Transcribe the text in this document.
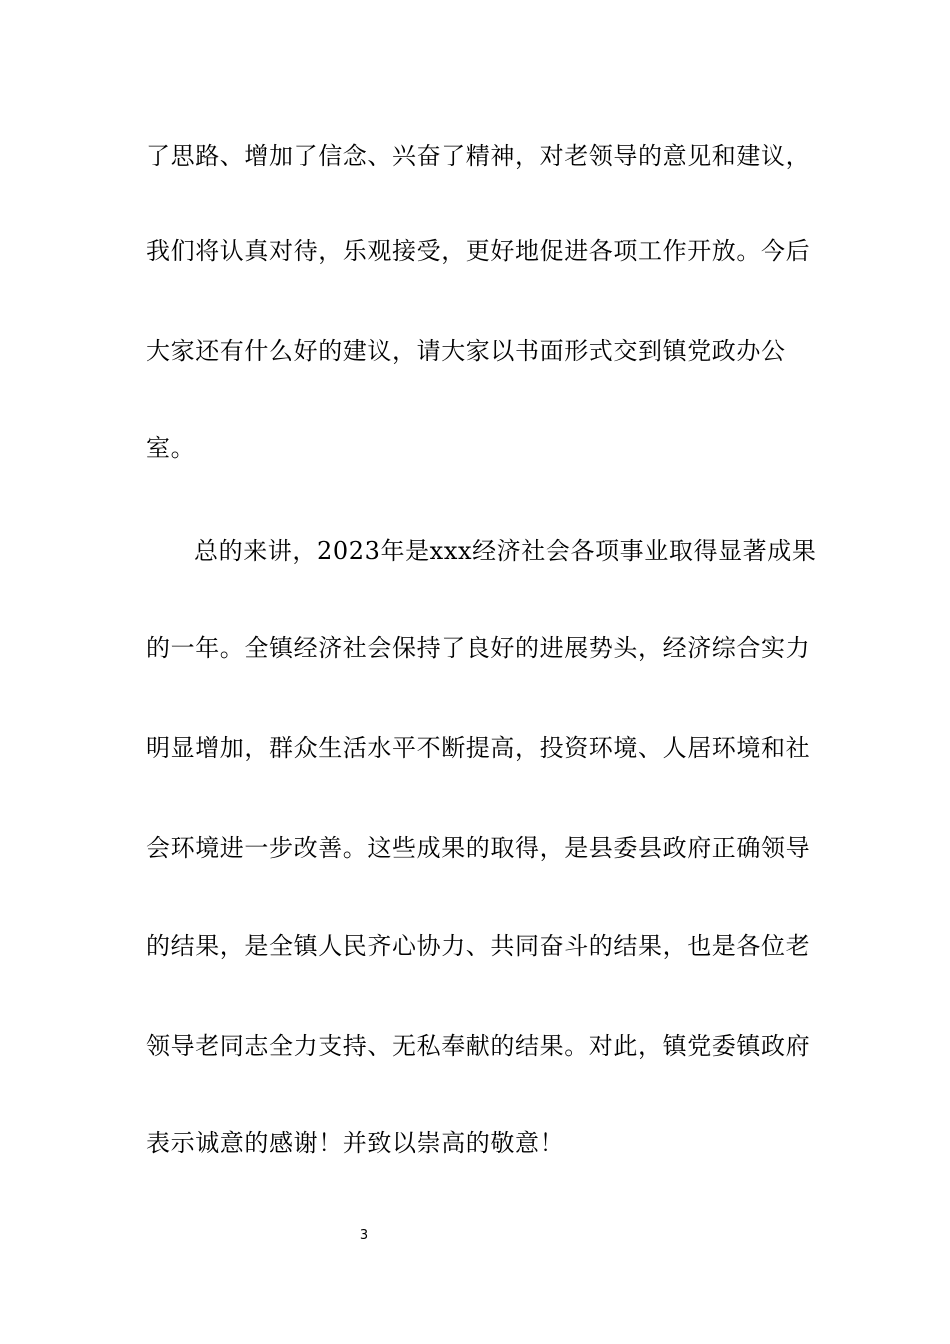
了思路、增加了信念、兴奋了精神，对老领导的意见和建议，
我们将认真对待，乐观接受，更好地促进各项工作开放。今后
大家还有什么好的建议，请大家以书面形式交到镇党政办公
室。
总的来讲，2023年是xxx经济社会各项事业取得显著成果
的一年。全镇经济社会保持了良好的进展势头，经济综合实力
明显增加，群众生活水平不断提高，投资环境、人居环境和社
会环境进一步改善。这些成果的取得，是县委县政府正确领导
的结果，是全镇人民齐心协力、共同奋斗的结果，也是各位老
领导老同志全力支持、无私奉献的结果。对此，镇党委镇政府
表示诚意的感谢！并致以崇高的敬意！
3
